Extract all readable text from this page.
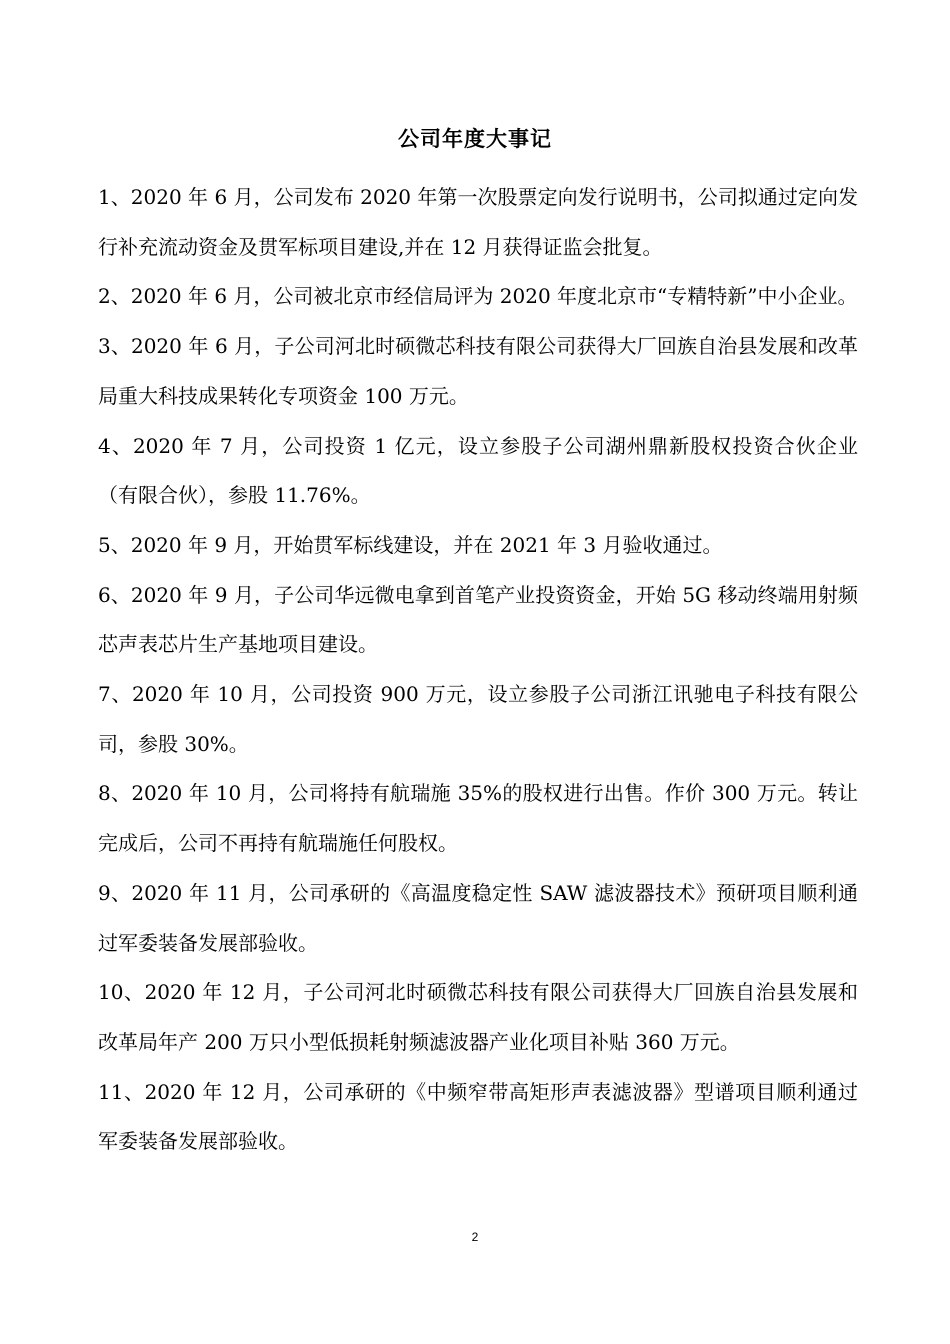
公司年度大事记

1、2020 年 6 月，公司发布 2020 年第一次股票定向发行说明书，公司拟通过定向发行补充流动资金及贯军标项目建设,并在 12 月获得证监会批复。

2、2020 年 6 月，公司被北京市经信局评为 2020 年度北京市“专精特新”中小企业。

3、2020 年 6 月，子公司河北时硕微芯科技有限公司获得大厂回族自治县发展和改革局重大科技成果转化专项资金 100 万元。

4、2020 年 7 月，公司投资 1 亿元，设立参股子公司湖州鼎新股权投资合伙企业（有限合伙），参股 11.76%。

5、2020 年 9 月，开始贯军标线建设，并在 2021 年 3 月验收通过。

6、2020 年 9 月，子公司华远微电拿到首笔产业投资资金，开始 5G 移动终端用射频芯声表芯片生产基地项目建设。

7、2020 年 10 月，公司投资 900 万元，设立参股子公司浙江讯驰电子科技有限公司，参股 30%。

8、2020 年 10 月，公司将持有航瑞施 35%的股权进行出售。作价 300 万元。转让完成后，公司不再持有航瑞施任何股权。

9、2020 年 11 月，公司承研的《高温度稳定性 SAW 滤波器技术》预研项目顺利通过军委装备发展部验收。

10、2020 年 12 月，子公司河北时硕微芯科技有限公司获得大厂回族自治县发展和改革局年产 200 万只小型低损耗射频滤波器产业化项目补贴 360 万元。

11、2020 年 12 月，公司承研的《中频窄带高矩形声表滤波器》型谱项目顺利通过军委装备发展部验收。

2
